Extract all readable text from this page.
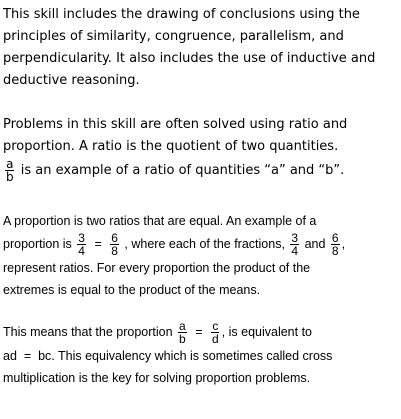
This skill includes the drawing of conclusions using the
principles of similarity, congruence, parallelism, and
perpendicularity. It also includes the use of inductive and
deductive reasoning.
Problems in this skill are often solved using ratio and
proportion. A ratio is the quotient of two quantities.
$\frac{a}{b}$ is an example of a ratio of quantities “a” and “b”.
A proportion is two ratios that are equal. An example of a
proportion is $\frac{3}{4} = \frac{6}{8}$ , where each of the fractions, $\frac{3}{4}$ and $\frac{6}{8}$ ,
represent ratios. For every proportion the product of the
extremes is equal to the product of the means.
This means that the proportion $\frac{a}{b} = \frac{c}{d}$ , is equivalent to
ad  =  bc. This equivalency which is sometimes called cross
multiplication is the key for solving proportion problems.
